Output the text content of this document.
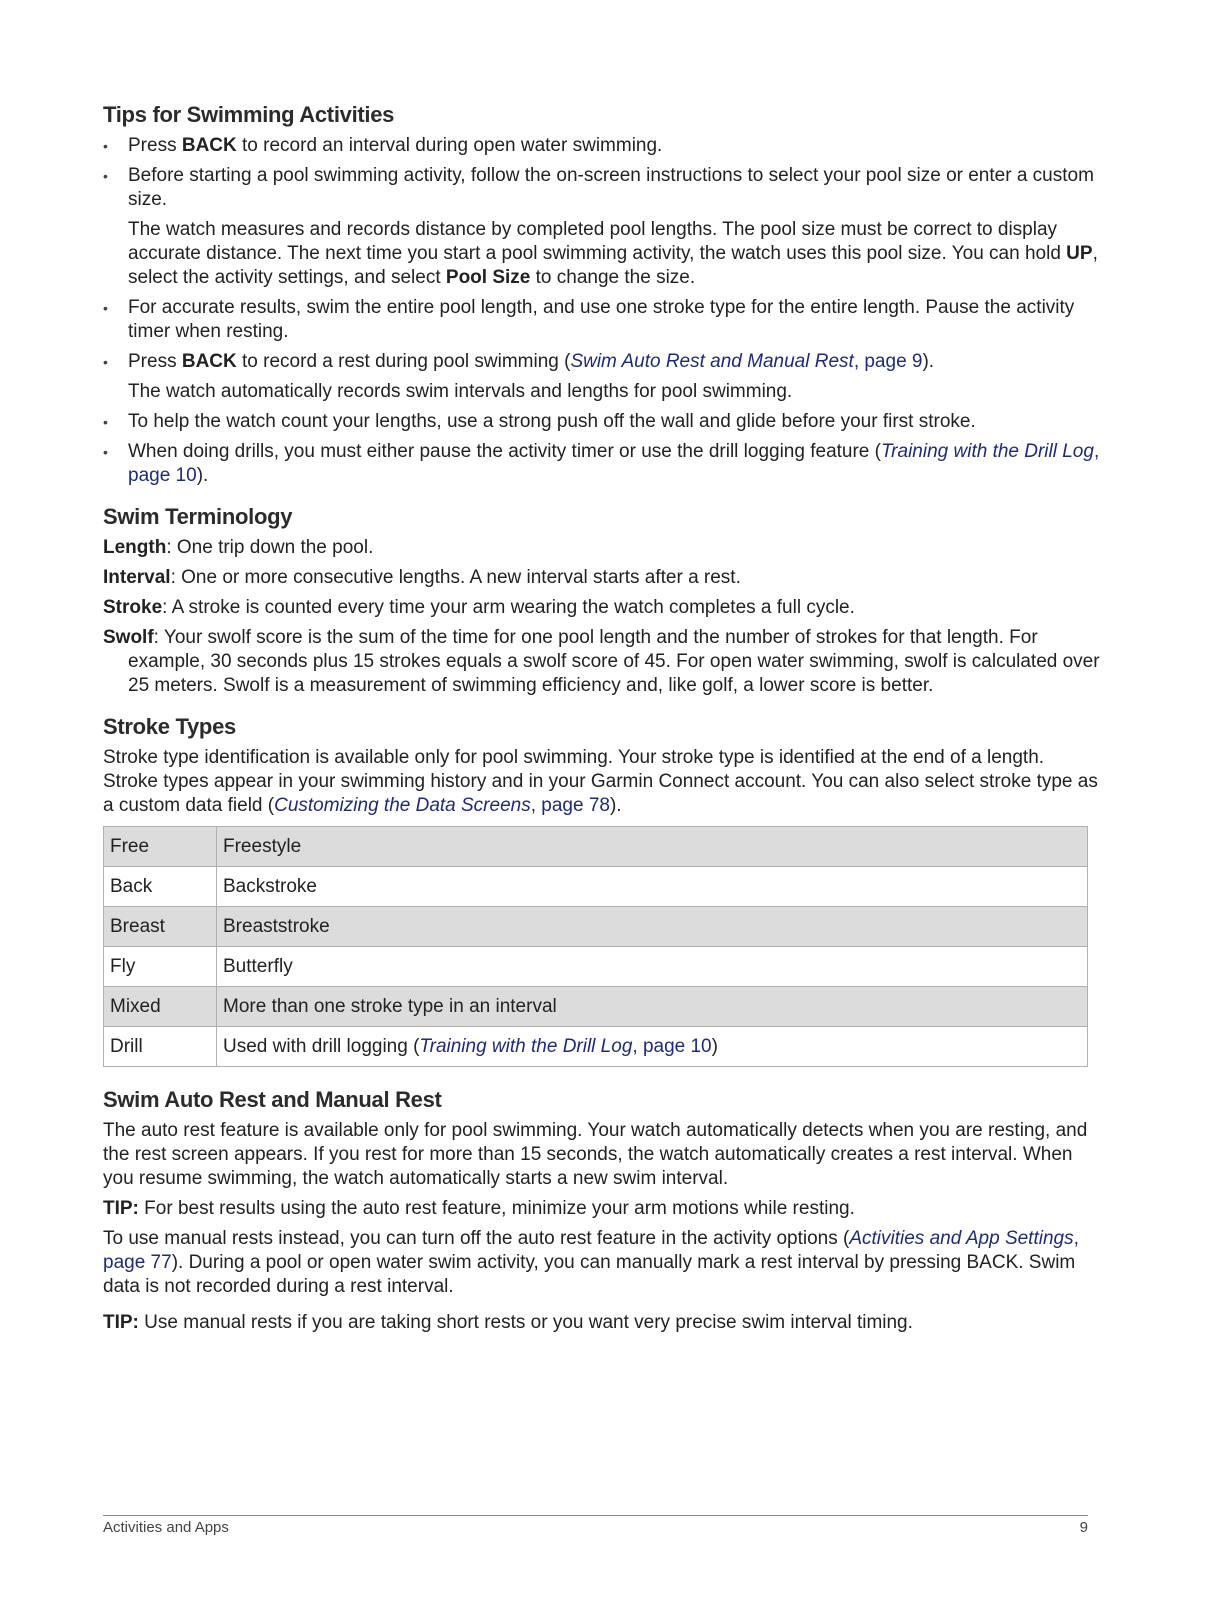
Tips for Swimming Activities
• Press BACK to record an interval during open water swimming.
• Before starting a pool swimming activity, follow the on-screen instructions to select your pool size or enter a custom size.
The watch measures and records distance by completed pool lengths. The pool size must be correct to display accurate distance. The next time you start a pool swimming activity, the watch uses this pool size. You can hold UP, select the activity settings, and select Pool Size to change the size.
• For accurate results, swim the entire pool length, and use one stroke type for the entire length. Pause the activity timer when resting.
• Press BACK to record a rest during pool swimming (Swim Auto Rest and Manual Rest, page 9).
The watch automatically records swim intervals and lengths for pool swimming.
• To help the watch count your lengths, use a strong push off the wall and glide before your first stroke.
• When doing drills, you must either pause the activity timer or use the drill logging feature (Training with the Drill Log, page 10).
Swim Terminology

Length: One trip down the pool.

Interval: One or more consecutive lengths. A new interval starts after a rest.

Stroke: A stroke is counted every time your arm wearing the watch completes a full cycle.

Swolf: Your swolf score is the sum of the time for one pool length and the number of strokes for that length. For example, 30 seconds plus 15 strokes equals a swolf score of 45. For open water swimming, swolf is calculated over 25 meters. Swolf is a measurement of swimming efficiency and, like golf, a lower score is better.

Stroke Types

Stroke type identification is available only for pool swimming. Your stroke type is identified at the end of a length. Stroke types appear in your swimming history and in your Garmin Connect account. You can also select stroke type as a custom data field (Customizing the Data Screens, page 78).

Free	Freestyle
Back	Backstroke
Breast	Breaststroke
Fly	Butterfly
Mixed	More than one stroke type in an interval
Drill	Used with drill logging (Training with the Drill Log, page 10)
Swim Auto Rest and Manual Rest

The auto rest feature is available only for pool swimming. Your watch automatically detects when you are resting, and the rest screen appears. If you rest for more than 15 seconds, the watch automatically creates a rest interval. When you resume swimming, the watch automatically starts a new swim interval.

TIP: For best results using the auto rest feature, minimize your arm motions while resting.

To use manual rests instead, you can turn off the auto rest feature in the activity options (Activities and App Settings, page 77). During a pool or open water swim activity, you can manually mark a rest interval by pressing BACK. Swim data is not recorded during a rest interval.

TIP: Use manual rests if you are taking short rests or you want very precise swim interval timing.

Activities and Apps	9
